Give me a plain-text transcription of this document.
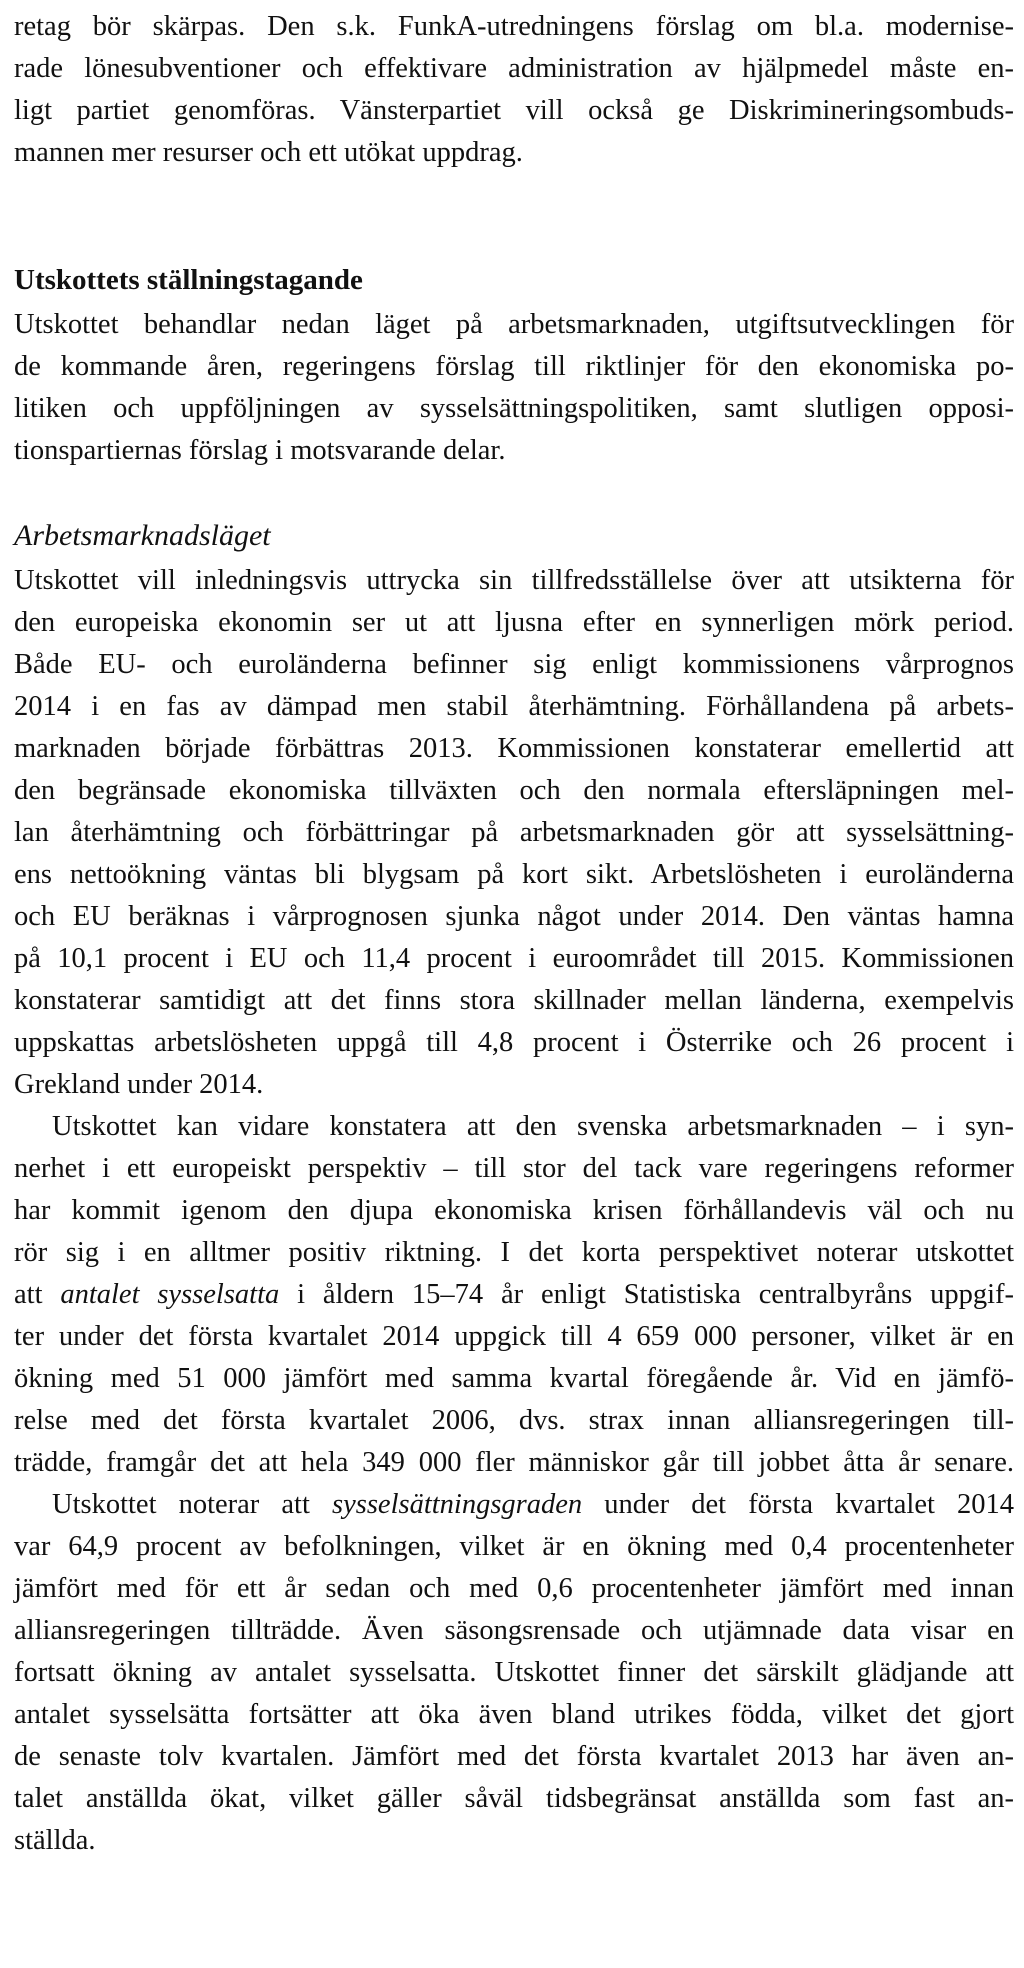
retag bör skärpas. Den s.k. FunkA-utredningens förslag om bl.a. modernise-
rade lönesubventioner och effektivare administration av hjälpmedel måste en-
ligt partiet genomföras. Vänsterpartiet vill också ge Diskrimineringsombuds-
mannen mer resurser och ett utökat uppdrag.
Utskottets ställningstagande
Utskottet behandlar nedan läget på arbetsmarknaden, utgiftsutvecklingen för
de kommande åren, regeringens förslag till riktlinjer för den ekonomiska po-
litiken och uppföljningen av sysselsättningspolitiken, samt slutligen opposi-
tionspartiernas förslag i motsvarande delar.
Arbetsmarknadsläget
Utskottet vill inledningsvis uttrycka sin tillfredsställelse över att utsikterna för
den europeiska ekonomin ser ut att ljusna efter en synnerligen mörk period.
Både EU- och euroländerna befinner sig enligt kommissionens vårprognos
2014 i en fas av dämpad men stabil återhämtning. Förhållandena på arbets-
marknaden började förbättras 2013. Kommissionen konstaterar emellertid att
den begränsade ekonomiska tillväxten och den normala eftersläpningen mel-
lan återhämtning och förbättringar på arbetsmarknaden gör att sysselsättning-
ens nettoökning väntas bli blygsam på kort sikt. Arbetslösheten i euroländerna
och EU beräknas i vårprognosen sjunka något under 2014. Den väntas hamna
på 10,1 procent i EU och 11,4 procent i euroområdet till 2015. Kommissionen
konstaterar samtidigt att det finns stora skillnader mellan länderna, exempelvis
uppskattas arbetslösheten uppgå till 4,8 procent i Österrike och 26 procent i
Grekland under 2014.
Utskottet kan vidare konstatera att den svenska arbetsmarknaden – i syn-
nerhet i ett europeiskt perspektiv – till stor del tack vare regeringens reformer
har kommit igenom den djupa ekonomiska krisen förhållandevis väl och nu
rör sig i en alltmer positiv riktning. I det korta perspektivet noterar utskottet
att antalet sysselsatta i åldern 15–74 år enligt Statistiska centralbyråns uppgif-
ter under det första kvartalet 2014 uppgick till 4 659 000 personer, vilket är en
ökning med 51 000 jämfört med samma kvartal föregående år. Vid en jämfö-
relse med det första kvartalet 2006, dvs. strax innan alliansregeringen till-
trädde, framgår det att hela 349 000 fler människor går till jobbet åtta år senare.
Utskottet noterar att sysselsättningsgraden under det första kvartalet 2014
var 64,9 procent av befolkningen, vilket är en ökning med 0,4 procentenheter
jämfört med för ett år sedan och med 0,6 procentenheter jämfört med innan
alliansregeringen tillträdde. Även säsongsrensade och utjämnade data visar en
fortsatt ökning av antalet sysselsatta. Utskottet finner det särskilt glädjande att
antalet sysselsätta fortsätter att öka även bland utrikes födda, vilket det gjort
de senaste tolv kvartalen. Jämfört med det första kvartalet 2013 har även an-
talet anställda ökat, vilket gäller såväl tidsbegränsat anställda som fast an-
ställda.
